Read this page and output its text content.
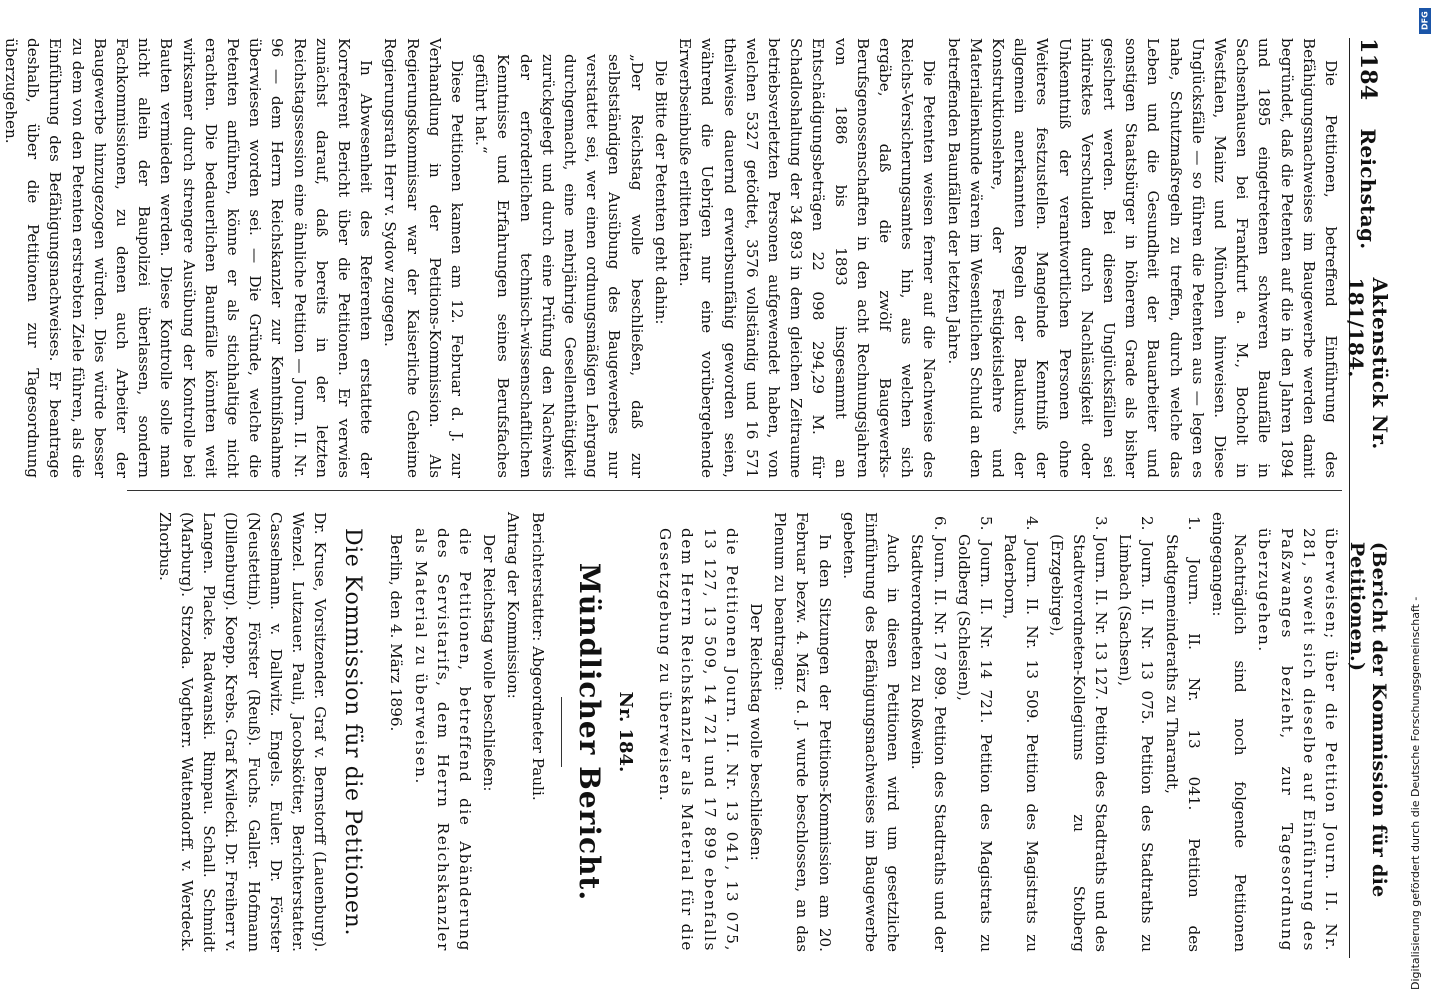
1184
Reichstag.
Aktenstück Nr. 181/184.
(Bericht der Kommission für die Petitionen.)

Die Petitionen, betreffend Einführung des Befähigungsnachweises im Baugewerbe werden damit begründet, daß die Petenten auf die in den Jahren 1894 und 1895 eingetretenen schweren Baunfälle in Sachsenhausen bei Frankfurt a. M., Bocholt in Westfalen, Mainz und München hinweisen. Diese Unglücksfälle — so führen die Petenten aus — legen es nahe, Schutzmaßregeln zu treffen, durch welche das Leben und die Gesundheit der Bauarbeiter und sonstigen Staatsbürger in höherem Grade als bisher gesichert werden. Bei diesen Unglücksfällen sei indirektes Verschulden durch Nachlässigkeit oder Unkenntniß der verantwortlichen Personen ohne Weiteres festzustellen. Mangelnde Kenntniß der allgemein anerkannten Regeln der Baukunst, der Konstruktionslehre, der Festigkeitslehre und Materialienkunde wären im Wesentlichen Schuld an den betreffenden Baunfällen der letzten Jahre.

Die Petenten weisen ferner auf die Nachweise des Reichs-Versicherungsamtes hin, aus welchen sich ergäbe, daß die zwölf Baugewerks-Berufsgenossenschaften in den acht Rechnungsjahren von 1886 bis 1893 insgesammt an Entschädigungsbeträgen 22 098 294,29 M. für Schadloshaltung der 34 893 in dem gleichen Zeitraume betriebsverletzten Personen aufgewendet haben, von welchen 5327 getödtet, 3576 vollständig und 16 571 theilweise dauernd erwerbsunfähig geworden seien, während die Uebrigen nur eine vorübergehende Erwerbseinbuße erlitten hätten.

Die Bitte der Petenten geht dahin:

„Der Reichstag wolle beschließen, daß zur selbstständigen Ausübung des Baugewerbes nur verstattet sei, wer einen ordnungsmäßigen Lehrgang durchgemacht, eine mehrjährige Gesellenthätigkeit zurückgelegt und durch eine Prüfung den Nachweis der erforderlichen technisch-wissenschaftlichen Kenntnisse und Erfahrungen seines Berufsfaches geführt hat.“

Diese Petitionen kamen am 12. Februar d. J. zur Verhandlung in der Petitions-Kommission. Als Regierungskommissar war der Kaiserliche Geheime Regierungsrath Herr v. Sydow zugegen.

In Abwesenheit des Referenten erstattete der Korreferent Bericht über die Petitionen. Er verwies zunächst darauf, daß bereits in der letzten Reichstagssession eine ähnliche Petition — Journ. II. Nr. 96 — dem Herrn Reichskanzler zur Kenntnißnahme überwiesen worden sei. — Die Gründe, welche die Petenten anführen, könne er als stichhaltige nicht erachten. Die bedauerlichen Baunfälle könnten weit wirksamer durch strengere Ausübung der Kontrolle bei Bauten vermieden werden. Diese Kontrolle solle man nicht allein der Baupolizei überlassen, sondern Fachkommissionen, zu denen auch Arbeiter der Baugewerbe hinzugezogen würden. Dies würde besser zu dem von den Petenten erstrebten Ziele führen, als die Einführung des Befähigungsnachweises. Er beantrage deshalb, über die Petitionen zur Tagesordnung überzugehen.

überweisen; über die Petition Journ. II. Nr. 281, soweit sich dieselbe auf Einführung des Paßzwanges bezieht, zur Tagesordnung überzugehen.

Nachträglich sind noch folgende Petitionen eingegangen:

1. Journ. II. Nr. 13 041. Petition des Stadtgemeinderaths zu Tharandt,

2. Journ. II. Nr. 13 075. Petition des Stadtraths zu Limbach (Sachsen),

3. Journ. II. Nr. 13 127. Petition des Stadtraths und des Stadtverordneten-Kollegiums zu Stolberg (Erzgebirge),

4. Journ. II. Nr. 13 509. Petition des Magistrats zu Paderborn,

5. Journ. II. Nr. 14 721. Petition des Magistrats zu Goldberg (Schlesien),

6. Journ. II. Nr. 17 899. Petition des Stadtraths und der Stadtverordneten zu Roßwein.

Auch in diesen Petitionen wird um gesetzliche Einführung des Befähigungsnachweises im Baugewerbe gebeten.

In den Sitzungen der Petitions-Kommission am 20. Februar bezw. 4. März d. J. wurde beschlossen, an das Plenum zu beantragen:

Der Reichstag wolle beschließen:

die Petitionen Journ. II. Nr. 13 041, 13 075, 13 127, 13 509, 14 721 und 17 899 ebenfalls dem Herrn Reichskanzler als Material für die Gesetzgebung zu überweisen.

Nr. 184.

Mündlicher Bericht.

Berichterstatter: Abgeordneter Pauli.

Antrag der Kommission:

Der Reichstag wolle beschließen:

die Petitionen, betreffend die Abänderung des Servistarifs, dem Herrn Reichskanzler als Material zu überweisen.

Berlin, den 4. März 1896.

Die Kommission für die Petitionen.

Dr. Kruse, Vorsitzender. Graf v. Bernstorff (Lauenburg). Wenzel. Lutzauer. Pauli, Jacobskötter, Berichterstatter. Casselmann. v. Dallwitz. Engels. Euler. Dr. Förster (Neustettin). Förster (Reuß). Fuchs. Galler. Hofmann (Dillenburg). Koepp. Krebs. Graf Kwilecki. Dr. Freiherr v. Langen. Placke. Radwanski. Rimpau. Schall. Schmidt (Marburg). Strzoda. Vogtherr. Wattendorff. v. Werdeck. Zhorbus.

Digitalisierung gefördert durch die Deutsche Forschungsgemeinschaft -
DFG
